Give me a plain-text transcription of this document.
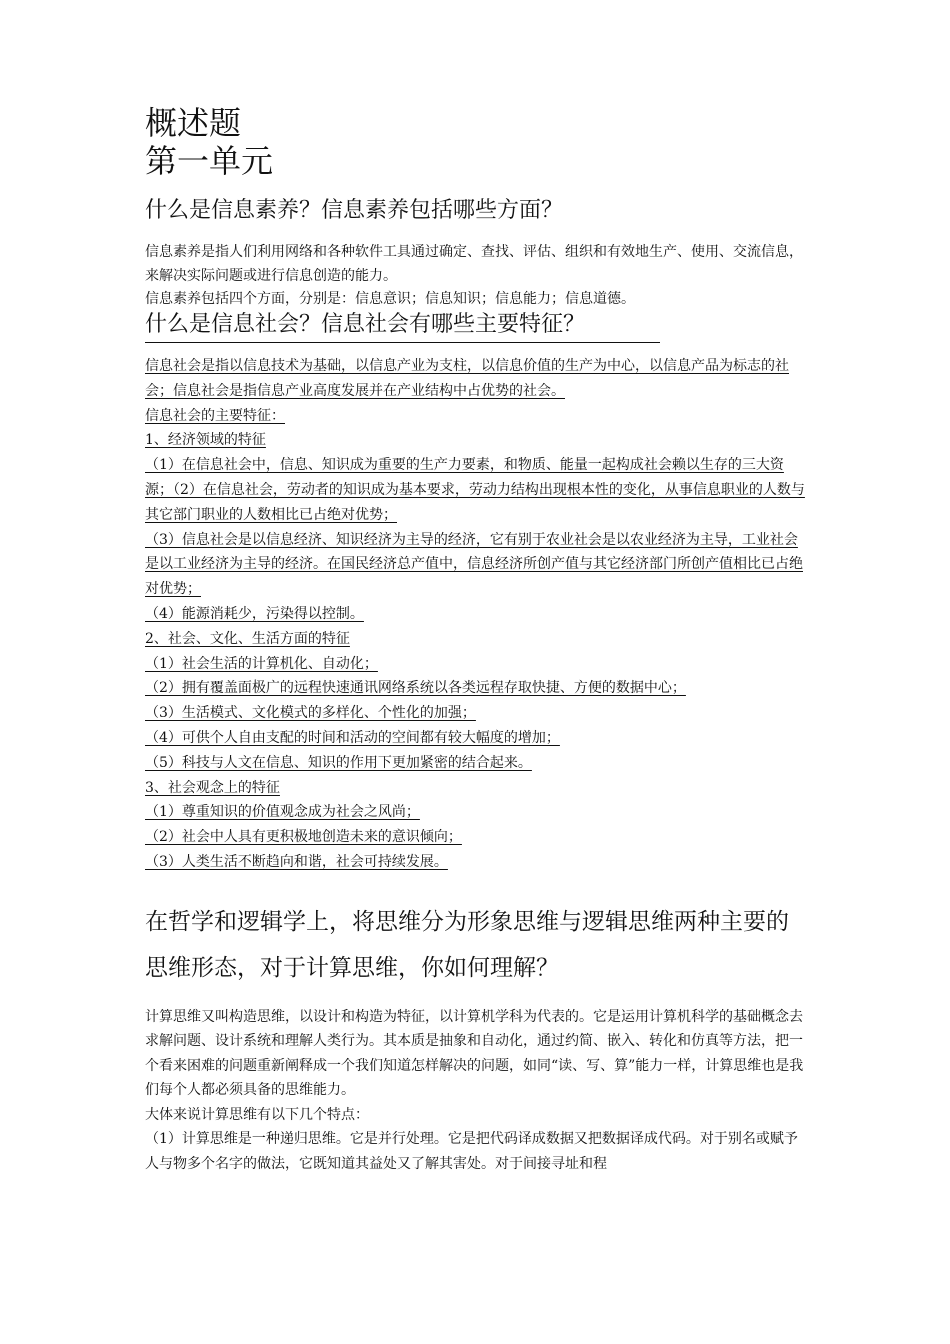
概述题
第一单元
什么是信息素养？信息素养包括哪些方面？

信息素养是指人们利用网络和各种软件工具通过确定、查找、评估、组织和有效地生产、使用、交流信息，来解决实际问题或进行信息创造的能力。

信息素养包括四个方面，分别是：信息意识；信息知识；信息能力；信息道德。

什么是信息社会？信息社会有哪些主要特征？

信息社会是指以信息技术为基础，以信息产业为支柱，以信息价值的生产为中心，以信息产品为标志的社会；信息社会是指信息产业高度发展并在产业结构中占优势的社会。

信息社会的主要特征：

1、经济领域的特征

（1）在信息社会中，信息、知识成为重要的生产力要素，和物质、能量一起构成社会赖以生存的三大资源；（2）在信息社会，劳动者的知识成为基本要求，劳动力结构出现根本性的变化，从事信息职业的人数与其它部门职业的人数相比已占绝对优势；

（3）信息社会是以信息经济、知识经济为主导的经济，它有别于农业社会是以农业经济为主导，工业社会是以工业经济为主导的经济。在国民经济总产值中，信息经济所创产值与其它经济部门所创产值相比已占绝对优势；

（4）能源消耗少，污染得以控制。

2、社会、文化、生活方面的特征

（1）社会生活的计算机化、自动化；

（2）拥有覆盖面极广的远程快速通讯网络系统以各类远程存取快捷、方便的数据中心；

（3）生活模式、文化模式的多样化、个性化的加强；

（4）可供个人自由支配的时间和活动的空间都有较大幅度的增加；

（5）科技与人文在信息、知识的作用下更加紧密的结合起来。

3、社会观念上的特征

（1）尊重知识的价值观念成为社会之风尚；

（2）社会中人具有更积极地创造未来的意识倾向；

（3）人类生活不断趋向和谐，社会可持续发展。

在哲学和逻辑学上，将思维分为形象思维与逻辑思维两种主要的思维形态，对于计算思维，你如何理解？

计算思维又叫构造思维，以设计和构造为特征，以计算机学科为代表的。它是运用计算机科学的基础概念去求解问题、设计系统和理解人类行为。其本质是抽象和自动化，通过约简、嵌入、转化和仿真等方法，把一个看来困难的问题重新阐释成一个我们知道怎样解决的问题，如同“读、写、算”能力一样，计算思维也是我们每个人都必须具备的思维能力。

大体来说计算思维有以下几个特点：

（1）计算思维是一种递归思维。它是并行处理。它是把代码译成数据又把数据译成代码。对于别名或赋予人与物多个名字的做法，它既知道其益处又了解其害处。对于间接寻址和程
